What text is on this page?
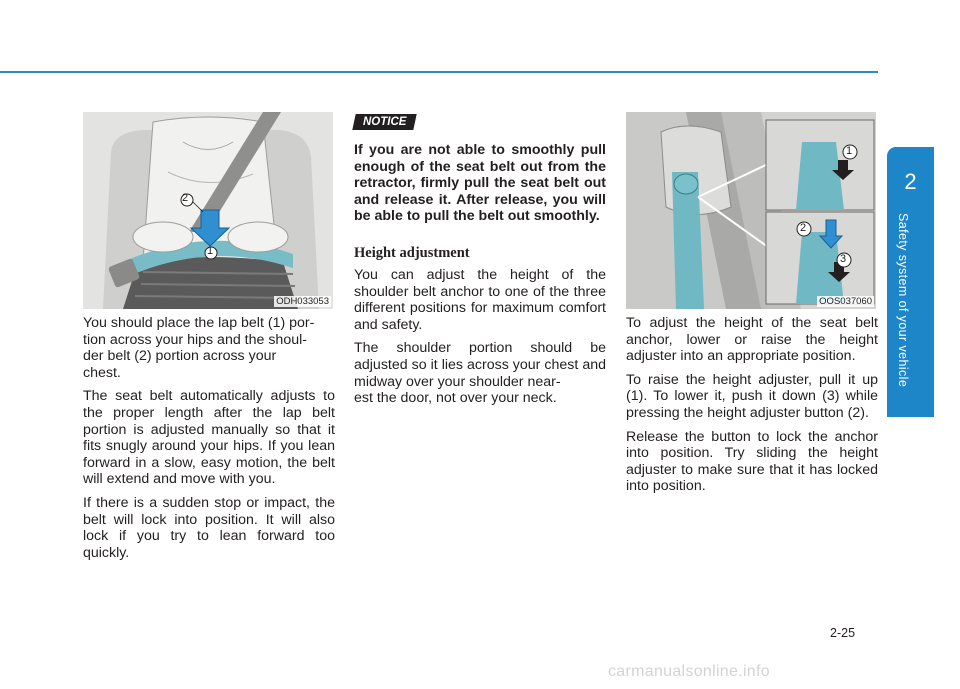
2
Safety system of your vehicle
2
1
ODH033053

You should place the lap belt (1) por-
tion across your hips and the shoul-
der belt (2) portion across your
chest.

The seat belt automatically adjusts to the proper length after the lap belt portion is adjusted manually so that it fits snugly around your hips. If you lean forward in a slow, easy motion, the belt will extend and move with you.

If there is a sudden stop or impact, the belt will lock into position. It will also lock if you try to lean forward too quickly.

NOTICE

If you are not able to smoothly pull enough of the seat belt out from the retractor, firmly pull the seat belt out and release it. After release, you will be able to pull the belt out smoothly.

Height adjustment

You can adjust the height of the shoulder belt anchor to one of the three different positions for maximum comfort and safety.

The shoulder portion should be adjusted so it lies across your chest and midway over your shoulder near-
est the door, not over your neck.

1
2
3
OOS037060

To adjust the height of the seat belt anchor, lower or raise the height adjuster into an appropriate position.

To raise the height adjuster, pull it up (1). To lower it, push it down (3) while pressing the height adjuster button (2).

Release the button to lock the anchor into position. Try sliding the height adjuster to make sure that it has locked into position.

2-25
carmanualsonline.info
